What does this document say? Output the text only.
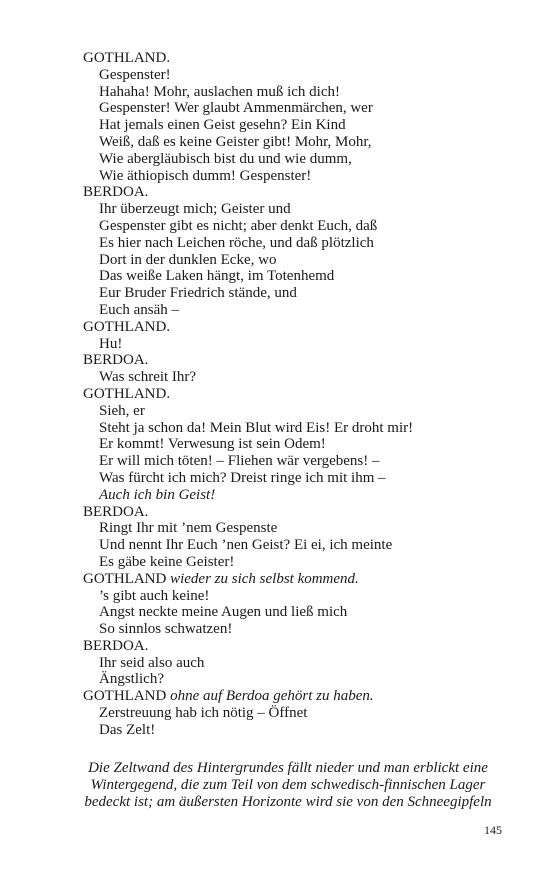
GOTHLAND.
Gespenster!
Hahaha! Mohr, auslachen muß ich dich!
Gespenster! Wer glaubt Ammenmärchen, wer
Hat jemals einen Geist gesehn? Ein Kind
Weiß, daß es keine Geister gibt! Mohr, Mohr,
Wie abergläubisch bist du und wie dumm,
Wie äthiopisch dumm! Gespenster!
BERDOA.
Ihr überzeugt mich; Geister und
Gespenster gibt es nicht; aber denkt Euch, daß
Es hier nach Leichen röche, und daß plötzlich
Dort in der dunklen Ecke, wo
Das weiße Laken hängt, im Totenhemd
Eur Bruder Friedrich stände, und
Euch ansäh –
GOTHLAND.
Hu!
BERDOA.
Was schreit Ihr?
GOTHLAND.
Sieh, er
Steht ja schon da! Mein Blut wird Eis! Er droht mir!
Er kommt! Verwesung ist sein Odem!
Er will mich töten! – Fliehen wär vergebens! –
Was fürcht ich mich? Dreist ringe ich mit ihm –
Auch ich bin Geist!
BERDOA.
Ringt Ihr mit ’nem Gespenste
Und nennt Ihr Euch ’nen Geist? Ei ei, ich meinte
Es gäbe keine Geister!
GOTHLAND wieder zu sich selbst kommend.
’s gibt auch keine!
Angst neckte meine Augen und ließ mich
So sinnlos schwatzen!
BERDOA.
Ihr seid also auch
Ängstlich?
GOTHLAND ohne auf Berdoa gehört zu haben.
Zerstreuung hab ich nötig – Öffnet
Das Zelt!
Die Zeltwand des Hintergrundes fällt nieder und man erblickt eine
Wintergegend, die zum Teil von dem schwedisch-finnischen Lager
bedeckt ist; am äußersten Horizonte wird sie von den Schneegipfeln
145
